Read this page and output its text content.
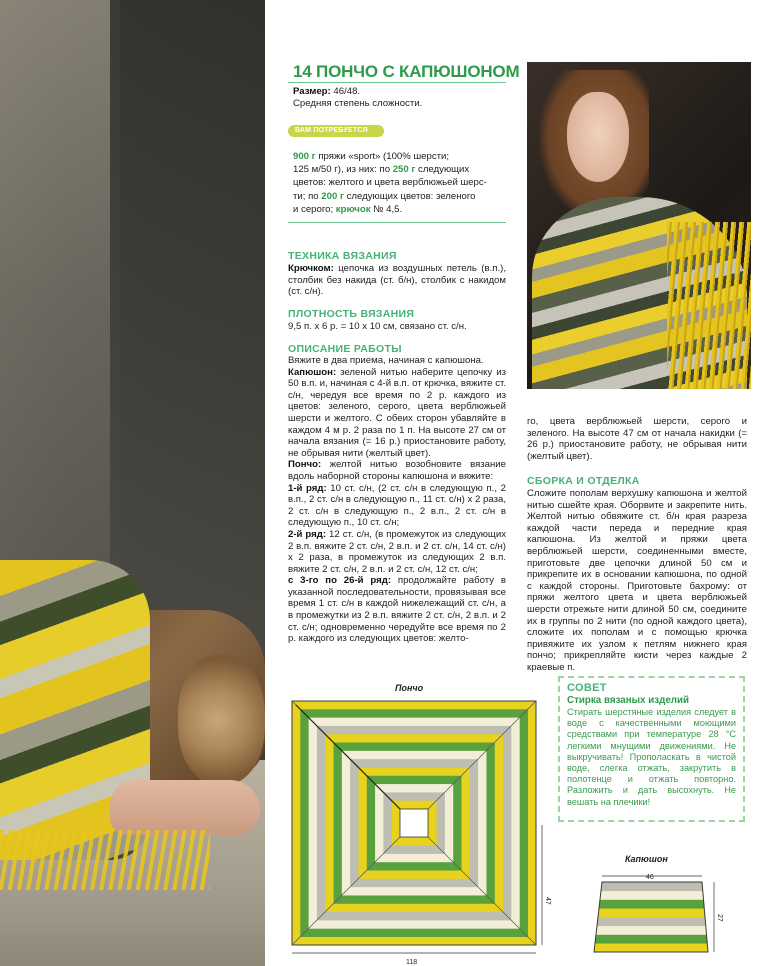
14 ПОНЧО С КАПЮШОНОМ

Размер: 46/48.

Средняя степень сложности.

ВАМ ПОТРЕБУЕТСЯ

900 г пряжи «sport» (100% шерсти;

125 м/50 г), из них: по 250 г следующих

цветов: желтого и цвета верблюжьей шерс-

ти; по 200 г следующих цветов: зеленого

и серого; крючок № 4,5.

ТЕХНИКА ВЯЗАНИЯ
Крючком: цепочка из воздушных петель (в.п.), столбик без накида (ст. б/н), столбик с накидом (ст. с/н).
ПЛОТНОСТЬ ВЯЗАНИЯ
9,5 п. х 6 р. = 10 х 10 см, связано ст. с/н.
ОПИСАНИЕ РАБОТЫ

Вяжите в два приема, начиная с капюшона.

Капюшон: зеленой нитью наберите цепочку из 50 в.п. и, начиная с 4-й в.п. от крючка, вяжите ст. с/н, чередуя все время по 2 р. каждого из цветов: зеленого, серого, цвета верблюжьей шерсти и желтого. С обеих сторон убавляйте в каждом 4 м р. 2 раза по 1 п. На высоте 27 см от начала вязания (= 16 р.) приостановите работу, не обрывая нити (желтый цвет).

Пончо: желтой нитью возобновите вязание вдоль наборной стороны капюшона и вяжите:

1-й ряд: 10 ст. с/н, (2 ст. с/н в следующую п., 2 в.п., 2 ст. с/н в следующую п., 11 ст. с/н) х 2 раза, 2 ст. с/н в следующую п., 2 в.п., 2 ст. с/н в следующую п., 10 ст. с/н;

2-й ряд: 12 ст. с/н, (в промежуток из следующих 2 в.п. вяжите 2 ст. с/н, 2 в.п. и 2 ст. с/н, 14 ст. с/н) х 2 раза, в промежуток из следующих 2 в.п. вяжите 2 ст. с/н, 2 в.п. и 2 ст. с/н, 12 ст. с/н;

с 3-го по 26-й ряд: продолжайте работу в указанной последовательности, провязывая все время 1 ст. с/н в каждой нижележащий ст. с/н, а в промежутки из 2 в.п. вяжите 2 ст. с/н, 2 в.п. и 2 ст. с/н; одновременно чередуйте все время по 2 р. каждого из следующих цветов: желто-

го, цвета верблюжьей шерсти, серого и зеленого. На высоте 47 см от начала накидки (= 26 р.) приостановите работу, не обрывая нити (желтый цвет).
СБОРКА И ОТДЕЛКА
Сложите пополам верхушку капюшона и желтой нитью сшейте края. Оборвите и закрепите нить. Желтой нитью обвяжите ст. б/н края разреза каждой части переда и передние края капюшона. Из желтой и пряжи цвета верблюжьей шерсти, соединенными вместе, приготовьте две цепочки длиной 50 см и прикрепите их в основании капюшона, по одной с каждой стороны. Приготовьте бахрому: от пряжи желтого цвета и цвета верблюжьей шерсти отрежьте нити длиной 50 см, соедините их в группы по 2 нити (по одной каждого цвета), сложите их пополам и с помощью крючка привяжите их узлом к петлям нижнего края пончо; прикрепляйте кисти через каждые 2 краевые п.
Пончо
47
118
Капюшон
46
27
СОВЕТ
Стирка вязаных изделий
Стирать шерстяные изделия следует в воде с качественными моющими средствами при температуре 28 °С легкими мнущими движениями. Не выкручивать! Прополаскать в чистой воде, слегка отжать, закрутить в полотенце и отжать повторно. Разложить и дать высохнуть. Не вешать на плечики!
